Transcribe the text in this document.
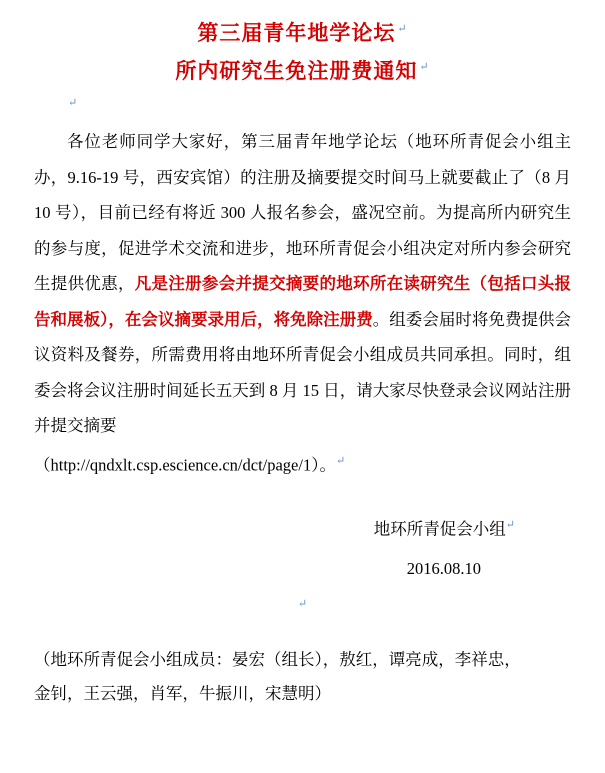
第三届青年地学论坛 ↵
所内研究生免注册费通知 ↵
↵

各位老师同学大家好，第三届青年地学论坛（地环所青促会小组主办，9.16-19 号，西安宾馆）的注册及摘要提交时间马上就要截止了（8 月 10 号），目前已经有将近 300 人报名参会，盛况空前。为提高所内研究生的参与度，促进学术交流和进步，地环所青促会小组决定对所内参会研究生提供优惠，凡是注册参会并提交摘要的地环所在读研究生（包括口头报告和展板），在会议摘要录用后，将免除注册费。组委会届时将免费提供会议资料及餐券，所需费用将由地环所青促会小组成员共同承担。同时，组委会将会议注册时间延长五天到 8 月 15 日，请大家尽快登录会议网站注册并提交摘要

（http://qndxlt.csp.escience.cn/dct/page/1）。↵

地环所青促会小组↵
2016.08.10
↵
（地环所青促会小组成员：晏宏（组长），敖红，谭亮成，李祥忠，
金钊，王云强，肖军，牛振川，宋慧明）
